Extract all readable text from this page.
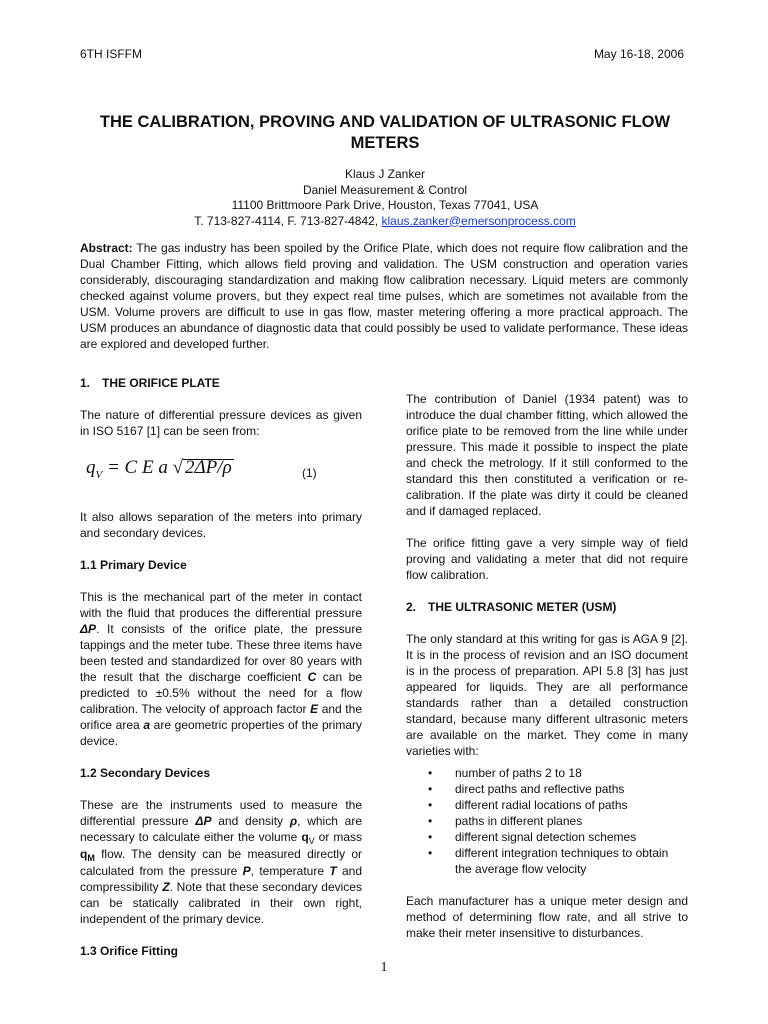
6TH ISFFM	May 16-18, 2006
THE CALIBRATION, PROVING AND VALIDATION OF ULTRASONIC FLOW METERS
Klaus J Zanker
Daniel Measurement & Control
11100 Brittmoore Park Drive, Houston, Texas 77041, USA
T. 713-827-4114, F. 713-827-4842, klaus.zanker@emersonprocess.com
Abstract: The gas industry has been spoiled by the Orifice Plate, which does not require flow calibration and the Dual Chamber Fitting, which allows field proving and validation. The USM construction and operation varies considerably, discouraging standardization and making flow calibration necessary. Liquid meters are commonly checked against volume provers, but they expect real time pulses, which are sometimes not available from the USM. Volume provers are difficult to use in gas flow, master metering offering a more practical approach. The USM produces an abundance of diagnostic data that could possibly be used to validate performance. These ideas are explored and developed further.
1. THE ORIFICE PLATE

The nature of differential pressure devices as given in ISO 5167 [1] can be seen from:

$q_V = C$ E a √ 2ΔP/ρ	(1)

It also allows separation of the meters into primary and secondary devices.

1.1 Primary Device

This is the mechanical part of the meter in contact with the fluid that produces the differential pressure ΔP. It consists of the orifice plate, the pressure tappings and the meter tube. These three items have been tested and standardized for over 80 years with the result that the discharge coefficient C can be predicted to ±0.5% without the need for a flow calibration. The velocity of approach factor E and the orifice area a are geometric properties of the primary device.

1.2 Secondary Devices

These are the instruments used to measure the differential pressure ΔP and density ρ, which are necessary to calculate either the volume $q_V$ or mass $q_M$ flow. The density can be measured directly or calculated from the pressure P, temperature T and compressibility Z. Note that these secondary devices can be statically calibrated in their own right, independent of the primary device.

1.3 Orifice Fitting

The contribution of Daniel (1934 patent) was to introduce the dual chamber fitting, which allowed the orifice plate to be removed from the line while under pressure. This made it possible to inspect the plate and check the metrology. If it still conformed to the standard this then constituted a verification or re-calibration. If the plate was dirty it could be cleaned and if damaged replaced.

The orifice fitting gave a very simple way of field proving and validating a meter that did not require flow calibration.

2. THE ULTRASONIC METER (USM)

The only standard at this writing for gas is AGA 9 [2]. It is in the process of revision and an ISO document is in the process of preparation. API 5.8 [3] has just appeared for liquids. They are all performance standards rather than a detailed construction standard, because many different ultrasonic meters are available on the market. They come in many varieties with:

• number of paths 2 to 18
• direct paths and reflective paths
• different radial locations of paths
• paths in different planes
• different signal detection schemes
• different integration techniques to obtain the average flow velocity

Each manufacturer has a unique meter design and method of determining flow rate, and all strive to make their meter insensitive to disturbances.

1
